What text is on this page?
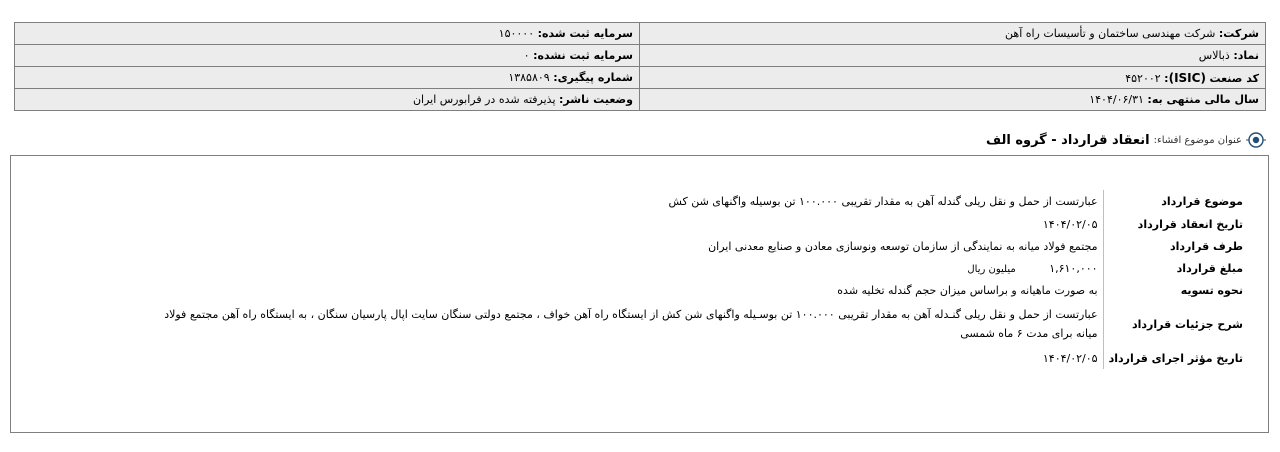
شرکت: شرکت مهندسی ساختمان و تأسیسات راه آهن	سرمایه ثبت شده: ۱۵۰۰۰۰
نماد: ذبالاس	سرمایه ثبت نشده: ۰
کد صنعت (ISIC): ۴۵۲۰۰۲	شماره پیگیری: ۱۳۸۵۸۰۹
سال مالی منتهی به: ۱۴۰۴/۰۶/۳۱	وضعیت ناشر: پذیرفته شده در فرابورس ایران
عنوان موضوع افشاء:
انعقاد قرارداد - گروه الف
موضوع قرارداد	عبارتست از حمل و نقل ریلی گندله آهن به مقدار تقریبی ۱۰۰.۰۰۰ تن بوسیله واگنهای شن کش
تاریخ انعقاد قرارداد	۱۴۰۴/۰۲/۰۵
طرف قرارداد	مجتمع فولاد میانه به نمایندگی از سازمان توسعه ونوسازی معادن و صنایع معدنی ایران
مبلغ قرارداد	۱,۶۱۰,۰۰۰ میلیون ریال
نحوه تسویه	به صورت ماهیانه و براساس میزان حجم گندله تخلیه شده
شرح جزئیات قرارداد	عبارتست از حمل و نقل ریلی گنـدله آهن به مقدار تقریبی ۱۰۰.۰۰۰ تن بوسـیله واگنهای شن کش از ایستگاه راه آهن خواف ، مجتمع دولتی سنگان سایت اپال پارسیان سنگان ، به ایستگاه راه آهن مجتمع فولاد میانه برای مدت ۶ ماه شمسی
تاریخ مؤثر اجرای قرارداد	۱۴۰۴/۰۲/۰۵
